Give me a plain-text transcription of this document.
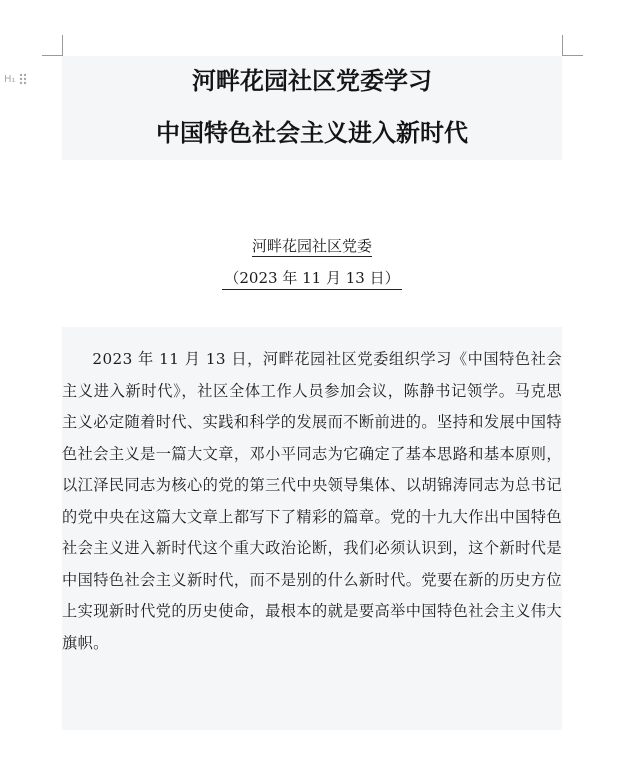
H₁	河畔花园社区党委学习
中国特色社会主义进入新时代
河畔花园社区党委
（2023 年 11 月 13 日）

2023 年 11 月 13 日，河畔花园社区党委组织学习《中国特色社会主义进入新时代》，社区全体工作人员参加会议，陈静书记领学。马克思主义必定随着时代、实践和科学的发展而不断前进的。坚持和发展中国特色社会主义是一篇大文章，邓小平同志为它确定了基本思路和基本原则，以江泽民同志为核心的党的第三代中央领导集体、以胡锦涛同志为总书记的党中央在这篇大文章上都写下了精彩的篇章。党的十九大作出中国特色社会主义进入新时代这个重大政治论断，我们必须认识到，这个新时代是中国特色社会主义新时代，而不是别的什么新时代。党要在新的历史方位上实现新时代党的历史使命，最根本的就是要高举中国特色社会主义伟大旗帜。
